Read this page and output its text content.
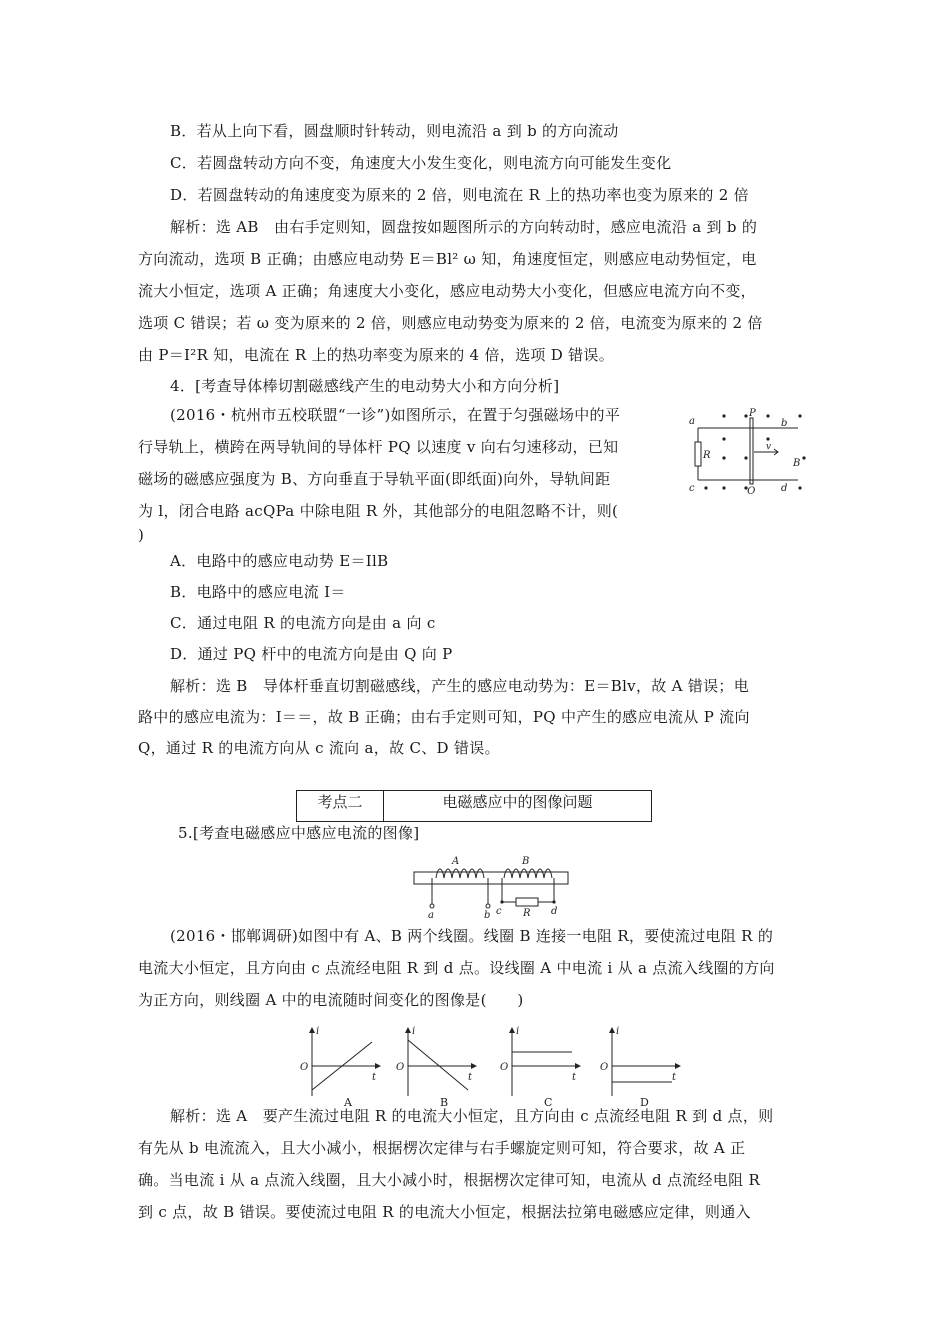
B．若从上向下看，圆盘顺时针转动，则电流沿 a 到 b 的方向流动
C．若圆盘转动方向不变，角速度大小发生变化，则电流方向可能发生变化
D．若圆盘转动的角速度变为原来的 2 倍，则电流在 R 上的热功率也变为原来的 2 倍
解析：选 AB　由右手定则知，圆盘按如题图所示的方向转动时，感应电流沿 a 到 b 的
方向流动，选项 B 正确；由感应电动势 E＝Bl² ω 知，角速度恒定，则感应电动势恒定，电
流大小恒定，选项 A 正确；角速度大小变化，感应电动势大小变化，但感应电流方向不变，
选项 C 错误；若 ω 变为原来的 2 倍，则感应电动势变为原来的 2 倍，电流变为原来的 2 倍
由 P＝I²R 知，电流在 R 上的热功率变为原来的 4 倍，选项 D 错误。
4．[考查导体棒切割磁感线产生的电动势大小和方向分析]
(2016・杭州市五校联盟“一诊”)如图所示，在置于匀强磁场中的平
行导轨上，横跨在两导轨间的导体杆 PQ 以速度 v 向右匀速移动，已知
磁场的磁感应强度为 B、方向垂直于导轨平面(即纸面)向外，导轨间距
为 l，闭合电路 acQPa 中除电阻 R 外，其他部分的电阻忽略不计，则(
)
a	b
c	d
P
Q
R
v
B
A．电路中的感应电动势 E＝IlB
B．电路中的感应电流 I＝
C．通过电阻 R 的电流方向是由 a 向 c
D．通过 PQ 杆中的电流方向是由 Q 向 P
解析：选 B　导体杆垂直切割磁感线，产生的感应电动势为：E＝Blv，故 A 错误；电
路中的感应电流为：I＝＝，故 B 正确；由右手定则可知，PQ 中产生的感应电流从 P 流向
Q，通过 R 的电流方向从 c 流向 a，故 C、D 错误。
考点二	电磁感应中的图像问题
5.[考查电磁感应中感应电流的图像]
A	B
a	b c	d
R
(2016・邯郸调研)如图中有 A、B 两个线圈。线圈 B 连接一电阻 R，要使流过电阻 R 的
电流大小恒定，且方向由 c 点流经电阻 R 到 d 点。设线圈 A 中电流 i 从 a 点流入线圈的方向
为正方向，则线圈 A 中的电流随时间变化的图像是(　　)
i
O
t
i
O
t
i
O
t
i
O
t
A	B	C	D
解析：选 A　要产生流过电阻 R 的电流大小恒定，且方向由 c 点流经电阻 R 到 d 点，则
有先从 b 电流流入，且大小减小，根据楞次定律与右手螺旋定则可知，符合要求，故 A 正
确。当电流 i 从 a 点流入线圈，且大小减小时，根据楞次定律可知，电流从 d 点流经电阻 R
到 c 点，故 B 错误。要使流过电阻 R 的电流大小恒定，根据法拉第电磁感应定律，则通入
